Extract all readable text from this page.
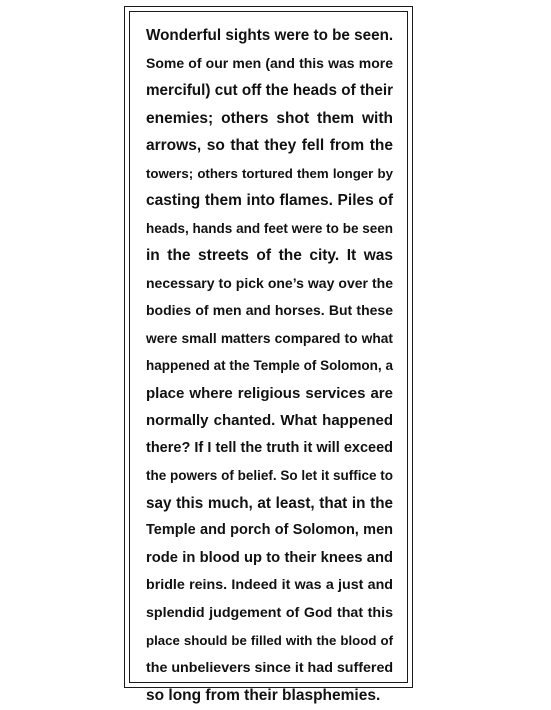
Wonderful sights were to be seen.
Some of our men (and this was more
merciful) cut off the heads of their
enemies; others shot them with
arrows, so that they fell from the
towers; others tortured them longer by
casting them into flames. Piles of
heads, hands and feet were to be seen
in the streets of the city. It was
necessary to pick one’s way over the
bodies of men and horses. But these
were small matters compared to what
happened at the Temple of Solomon, a
place where religious services are
normally chanted. What happened
there? If I tell the truth it will exceed
the powers of belief. So let it suffice to
say this much, at least, that in the
Temple and porch of Solomon, men
rode in blood up to their knees and
bridle reins. Indeed it was a just and
splendid judgement of God that this
place should be filled with the blood of
the unbelievers since it had suffered
so long from their blasphemies.
